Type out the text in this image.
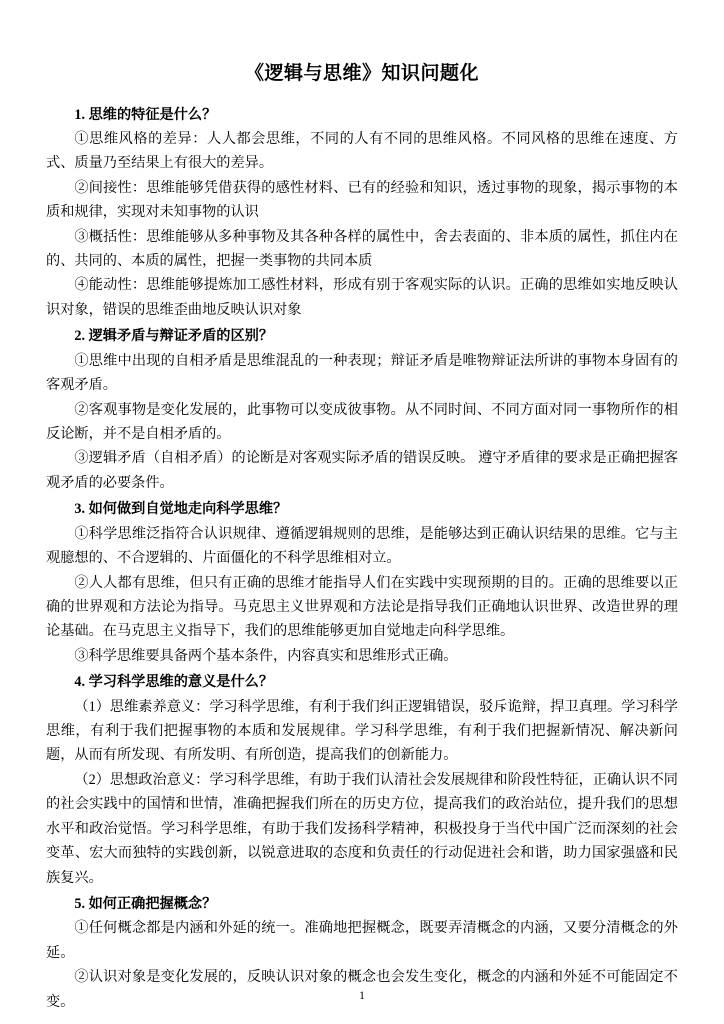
《逻辑与思维》知识问题化
1. 思维的特征是什么？
①思维风格的差异：人人都会思维，不同的人有不同的思维风格。不同风格的思维在速度、方式、质量乃至结果上有很大的差异。
②间接性：思维能够凭借获得的感性材料、已有的经验和知识，透过事物的现象，揭示事物的本质和规律，实现对未知事物的认识
③概括性：思维能够从多种事物及其各种各样的属性中，舍去表面的、非本质的属性，抓住内在的、共同的、本质的属性，把握一类事物的共同本质
④能动性：思维能够提炼加工感性材料，形成有别于客观实际的认识。正确的思维如实地反映认识对象，错误的思维歪曲地反映认识对象
2. 逻辑矛盾与辩证矛盾的区别？
①思维中出现的自相矛盾是思维混乱的一种表现；辩证矛盾是唯物辩证法所讲的事物本身固有的客观矛盾。
②客观事物是变化发展的，此事物可以变成彼事物。从不同时间、不同方面对同一事物所作的相反论断，并不是自相矛盾的。
③逻辑矛盾（自相矛盾）的论断是对客观实际矛盾的错误反映。 遵守矛盾律的要求是正确把握客观矛盾的必要条件。
3. 如何做到自觉地走向科学思维？
①科学思维泛指符合认识规律、遵循逻辑规则的思维，是能够达到正确认识结果的思维。它与主观臆想的、不合逻辑的、片面僵化的不科学思维相对立。
②人人都有思维，但只有正确的思维才能指导人们在实践中实现预期的目的。正确的思维要以正确的世界观和方法论为指导。马克思主义世界观和方法论是指导我们正确地认识世界、改造世界的理论基础。在马克思主义指导下，我们的思维能够更加自觉地走向科学思维。
③科学思维要具备两个基本条件，内容真实和思维形式正确。
4. 学习科学思维的意义是什么？
（1）思维素养意义：学习科学思维，有利于我们纠正逻辑错误，驳斥诡辩，捍卫真理。学习科学思维，有利于我们把握事物的本质和发展规律。学习科学思维，有利于我们把握新情况、解决新问题，从而有所发现、有所发明、有所创造，提高我们的创新能力。
（2）思想政治意义：学习科学思维，有助于我们认清社会发展规律和阶段性特征，正确认识不同的社会实践中的国情和世情，准确把握我们所在的历史方位，提高我们的政治站位，提升我们的思想水平和政治觉悟。学习科学思维，有助于我们发扬科学精神，积极投身于当代中国广泛而深刻的社会变革、宏大而独特的实践创新，以锐意进取的态度和负责任的行动促进社会和谐，助力国家强盛和民族复兴。
5. 如何正确把握概念？
①任何概念都是内涵和外延的统一。准确地把握概念，既要弄清概念的内涵，又要分清概念的外延。
②认识对象是变化发展的，反映认识对象的概念也会发生变化，概念的内涵和外延不可能固定不变。	1
